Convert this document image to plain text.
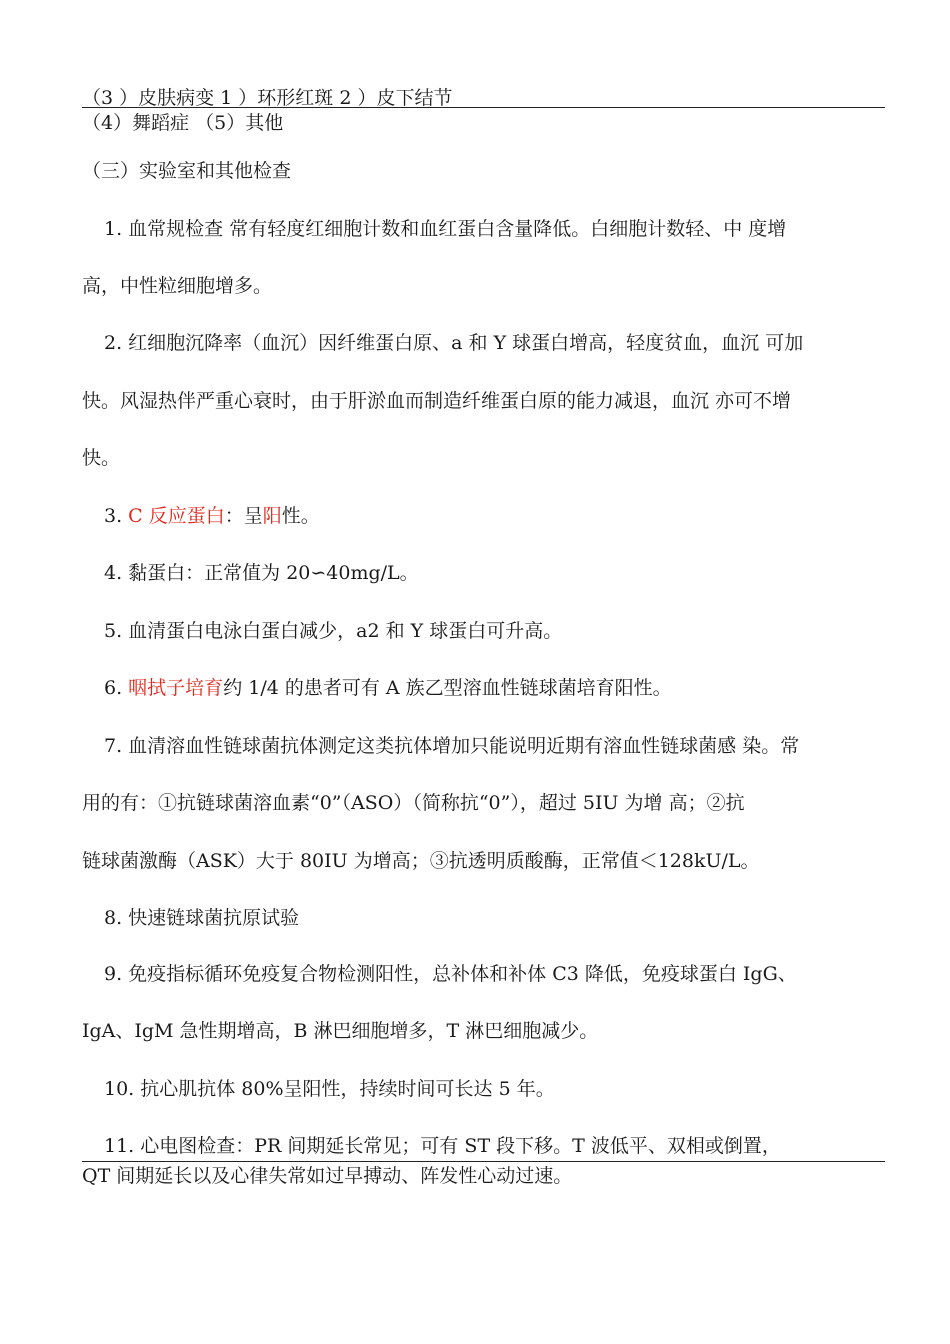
（3 ）皮肤病变 1 ）环形红斑 2 ）皮下结节
（4）舞蹈症 （5）其他
（三）实验室和其他检查
1. 血常规检查 常有轻度红细胞计数和血红蛋白含量降低。白细胞计数轻、中 度增
高，中性粒细胞增多。
2. 红细胞沉降率（血沉）因纤维蛋白原、a 和 Y 球蛋白增高，轻度贫血，血沉 可加
快。风湿热伴严重心衰时，由于肝淤血而制造纤维蛋白原的能力减退，血沉 亦可不增
快。
3. C 反应蛋白：呈阳性。
4. 黏蛋白：正常值为 20∽40mg/L。
5. 血清蛋白电泳白蛋白减少，a2 和 Y 球蛋白可升高。
6. 咽拭子培育约 1/4 的患者可有 A 族乙型溶血性链球菌培育阳性。
7. 血清溶血性链球菌抗体测定这类抗体增加只能说明近期有溶血性链球菌感 染。常
用的有：①抗链球菌溶血素“0”（ASO）（简称抗“0”），超过 5IU 为增 高；②抗
链球菌激酶（ASK）大于 80IU 为增高；③抗透明质酸酶，正常值＜128kU/L。
8. 快速链球菌抗原试验
9. 免疫指标循环免疫复合物检测阳性，总补体和补体 C3 降低，免疫球蛋白 IgG、
IgA、IgM 急性期增高，B 淋巴细胞增多，T 淋巴细胞减少。
10. 抗心肌抗体 80%呈阳性，持续时间可长达 5 年。
11. 心电图检查：PR 间期延长常见；可有 ST 段下移。T 波低平、双相或倒置，
QT 间期延长以及心律失常如过早搏动、阵发性心动过速。
